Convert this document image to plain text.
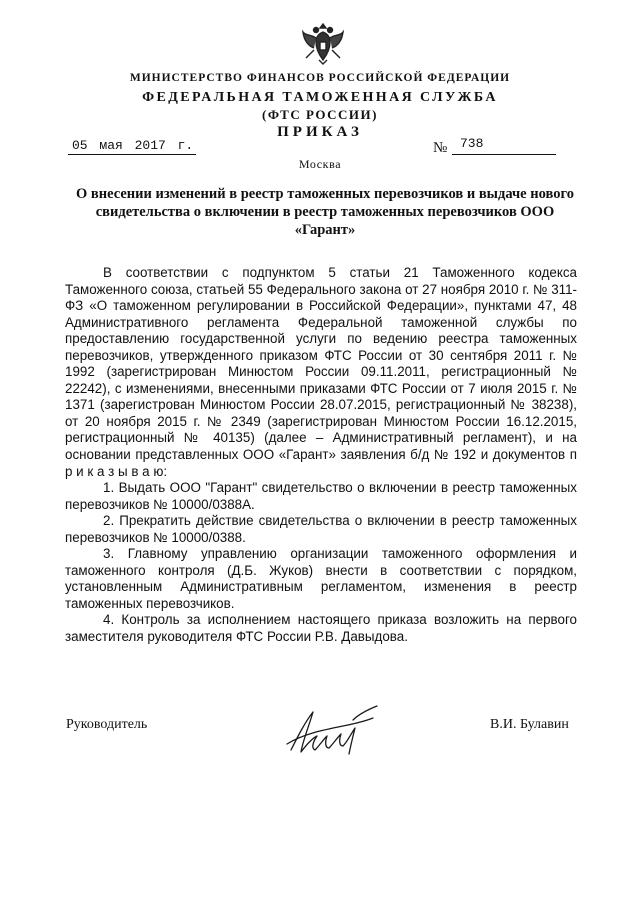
МИНИСТЕРСТВО ФИНАНСОВ РОССИЙСКОЙ ФЕДЕРАЦИИ
ФЕДЕРАЛЬНАЯ ТАМОЖЕННАЯ СЛУЖБА
(ФТС РОССИИ)
ПРИКАЗ
05 мая 2017 г.	№ 738
Москва
О внесении изменений в реестр таможенных перевозчиков и выдаче нового свидетельства о включении в реестр таможенных перевозчиков ООО «Гарант»

В соответствии с подпунктом 5 статьи 21 Таможенного кодекса Таможенного союза, статьей 55 Федерального закона от 27 ноября 2010 г. № 311-ФЗ «О таможенном регулировании в Российской Федерации», пунктами 47, 48 Административного регламента Федеральной таможенной службы по предоставлению государственной услуги по ведению реестра таможенных перевозчиков, утвержденного приказом ФТС России от 30 сентября 2011 г. № 1992 (зарегистрирован Минюстом России 09.11.2011, регистрационный № 22242), с изменениями, внесенными приказами ФТС России от 7 июля 2015 г. № 1371 (зарегистрован Минюстом России 28.07.2015, регистрационный № 38238), от 20 ноября 2015 г. № 2349 (зарегистрирован Минюстом России 16.12.2015, регистрационный № 40135) (далее – Административный регламент), и на основании представленных ООО «Гарант» заявления б/д № 192 и документов п р и к а з ы в а ю:

1. Выдать ООО "Гарант" свидетельство о включении в реестр таможенных перевозчиков № 10000/0388А.

2. Прекратить действие свидетельства о включении в реестр таможенных перевозчиков № 10000/0388.

3. Главному управлению организации таможенного оформления и таможенного контроля (Д.Б. Жуков) внести в соответствии с порядком, установленным Административным регламентом, изменения в реестр таможенных перевозчиков.

4. Контроль за исполнением настоящего приказа возложить на первого заместителя руководителя ФТС России Р.В. Давыдова.

Руководитель	В.И. Булавин
